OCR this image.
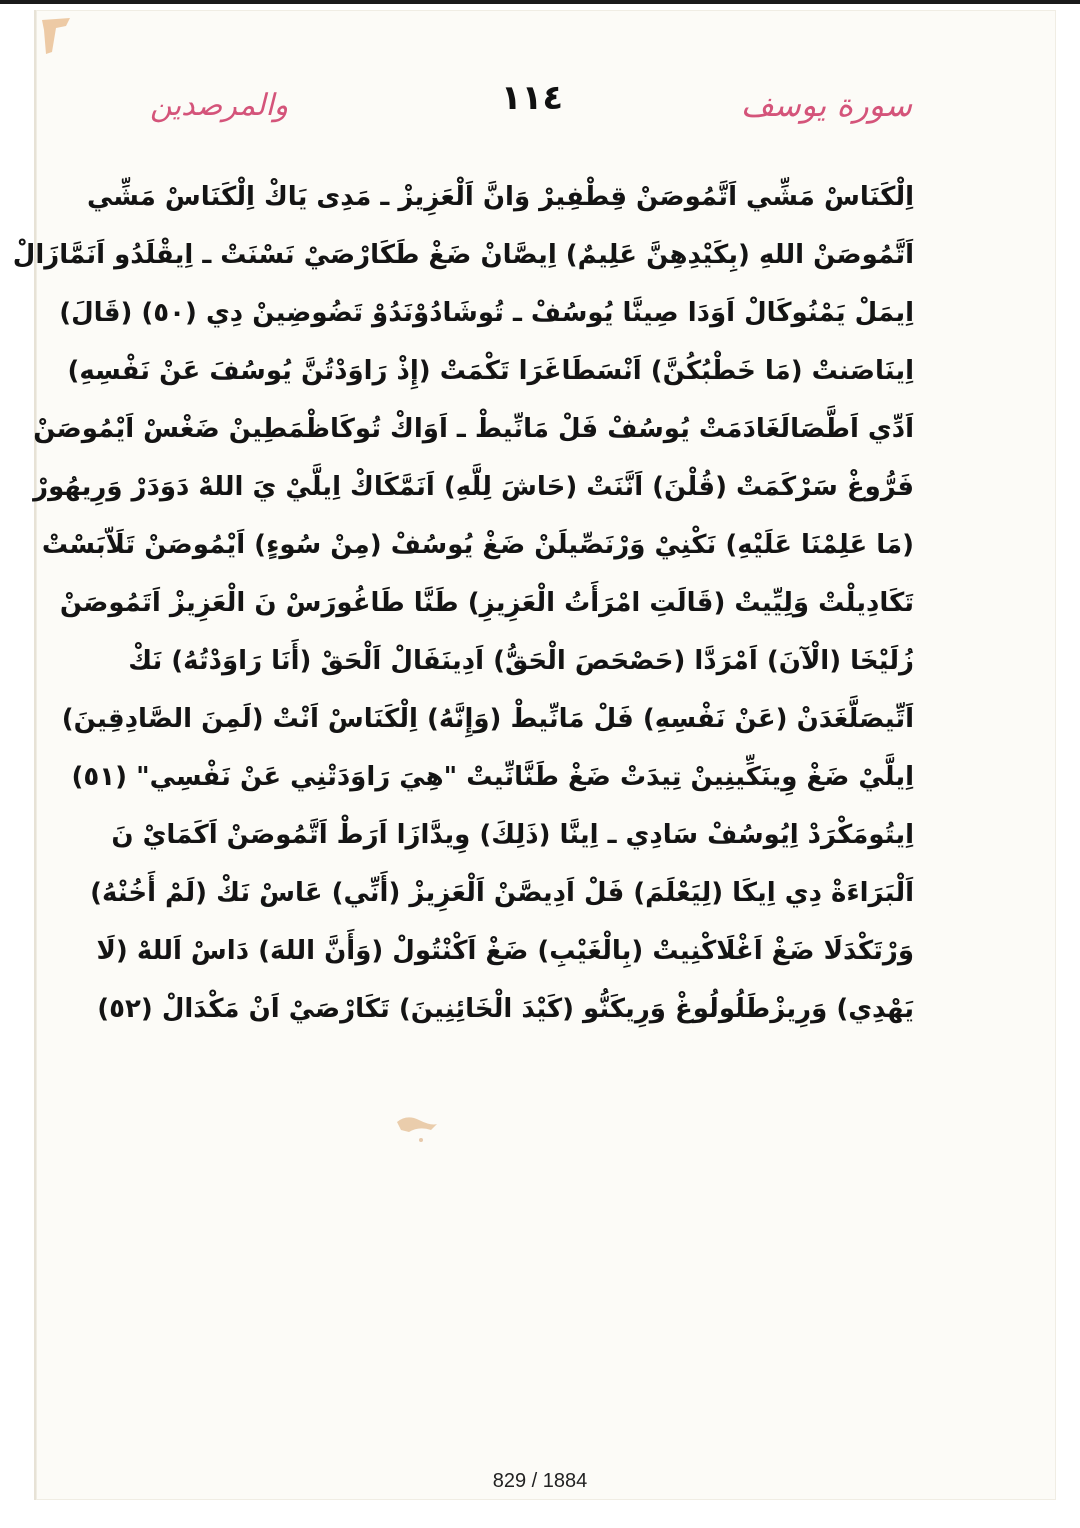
والمرصدين	١١٤	سورة يوسف
اِلْكَنَاسْ مَشِّي اَتَّمُوصَنْ قِطْفِيرْ وَانَّ اَلْعَزِيزْ ـ مَدِى يَاكْ اِلْكَنَاسْ مَشِّي
اَتَّمُوصَنْ اللهِ (بِكَيْدِهِنَّ عَلِيمٌ) اِيصَّانْ ضَغْ طَكَارْصَيْ نَسْنَتْ ـ اِيقْلَدُو اَنَمَّازَالْ
اِيمَلْ يَمْنُوكَالْ اَوَدَا صِينَّا يُوسُفْ ـ تُوشَادُوْنَدُوْ تَضُوضِينْ دِي (٥٠) (قَالَ)
اِينَاصَنتْ (مَا خَطْبُكُنَّ) اَنْسَطَاغَرَا تَكْمَتْ (إِذْ رَاوَدْتُنَّ يُوسُفَ عَنْ نَفْسِهِ)
اَدِّي اَطَّصَالَغَادَمَتْ يُوسُفْ فَلْ مَانِّيطْ ـ اَوَاكْ تُوكَاظْمَطِينْ ضَغْسْ اَيْمُوصَنْ
فَرُّوغْ سَرْكَمَتْ (قُلْنَ) اَنَّنَتْ (حَاشَ لِلَّهِ) اَنَمَّكَاكْ اِيلَّيْ يَ اللهْ دَوَدَرْ وَرِيهُورْ
(مَا عَلِمْنَا عَلَيْهِ) نَكْنِيْ وَرْنَصِّيلَنْ ضَغْ يُوسُفْ (مِنْ سُوءٍ) اَيْمُوصَنْ تَلَاّبَسْتْ
تَكَادِيلْتْ وَلِيِّيتْ (قَالَتِ امْرَأَتُ الْعَزِيزِ) طَنَّا طَاغُورَسْ نَ الْعَزِيزْ اَتَمُوصَنْ
زُلَيْخَا (الْآنَ) اَمْرَدَّا (حَصْحَصَ الْحَقُّ) اَدِينَفَالْ اَلْحَقْ (أَنَا رَاوَدْتُهُ) نَكْ
اَتِّيصَلَّغَدَنْ (عَنْ نَفْسِهِ) فَلْ مَانِّيطْ (وَإِنَّهُ) اِلْكَنَاسْ اَنْتْ (لَمِنَ الصَّادِقِينَ)
اِيلَّيْ ضَغْ وِينَكِّينِينْ تِيدَتْ ضَغْ طَنَّانِّيتْ "هِيَ رَاوَدَتْنِي عَنْ نَفْسِي" (٥١)
اِيتُومَكْرَدْ اِيُوسُفْ سَادِي ـ اِينَّا (ذَلِكَ) وِيدَّازَا اَرَطْ اَتَّمُوصَنْ اَكَمَايْ نَ
اَلْبَرَاءَةْ دِي اِيكَا (لِيَعْلَمَ) فَلْ اَدِيصَّنْ اَلْعَزِيزْ (أَنِّي) عَاسْ نَكْ (لَمْ أَخُنْهُ)
وَرْتَكْدَلَا ضَغْ اَغْلَاكْنِيتْ (بِالْغَيْبِ) ضَغْ اَكْنْتُولْ (وَأَنَّ اللهَ) دَاسْ اَللهْ (لَا
يَهْدِي) وَرِيزْطَلُولُوغْ وَرِيكَنُّو (كَيْدَ الْخَائِنِينَ) تَكَارْصَيْ اَنْ مَكْدَالْ (٥٢)
829 / 1884
